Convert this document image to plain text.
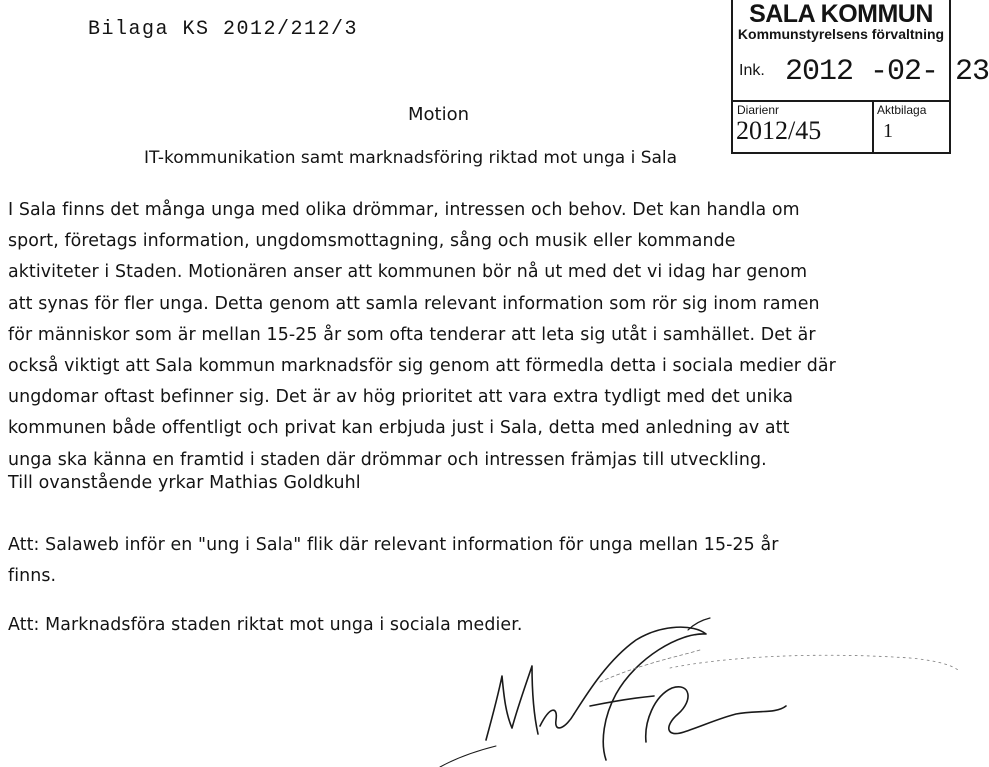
Bilaga KS 2012/212/3
SALA KOMMUN
Kommunstyrelsens förvaltning
Ink. 2012 -02- 23
Diarienr
2012/45
Aktbilaga
1
Motion
IT-kommunikation samt marknadsföring riktad mot unga i Sala

I Sala finns det många unga med olika drömmar, intressen och behov. Det kan handla om

sport, företags information, ungdomsmottagning, sång och musik eller kommande

aktiviteter i Staden. Motionären anser att kommunen bör nå ut med det vi idag har genom

att synas för fler unga. Detta genom att samla relevant information som rör sig inom ramen

för människor som är mellan 15-25 år som ofta tenderar att leta sig utåt i samhället. Det är

också viktigt att Sala kommun marknadsför sig genom att förmedla detta i sociala medier där

ungdomar oftast befinner sig. Det är av hög prioritet att vara extra tydligt med det unika

kommunen både offentligt och privat kan erbjuda just i Sala, detta med anledning av att

unga ska känna en framtid i staden där drömmar och intressen främjas till utveckling.

Till ovanstående yrkar Mathias Goldkuhl

Att: Salaweb inför en "ung i Sala" flik där relevant information för unga mellan 15-25 år

finns.

Att: Marknadsföra staden riktat mot unga i sociala medier.
